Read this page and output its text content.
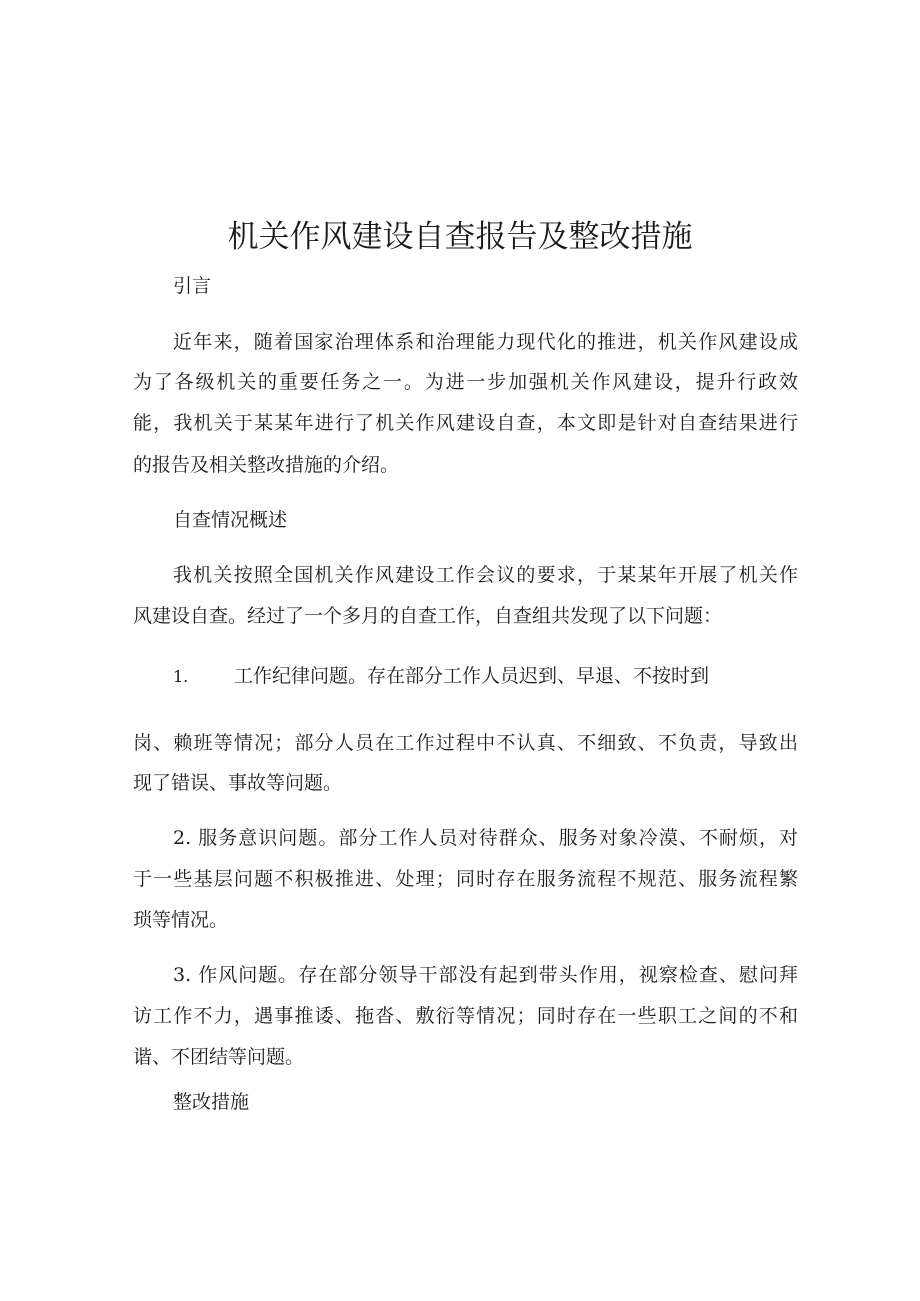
机关作风建设自查报告及整改措施

引言

近年来，随着国家治理体系和治理能力现代化的推进，机关作风建设成

为了各级机关的重要任务之一。为进一步加强机关作风建设，提升行政效

能，我机关于某某年进行了机关作风建设自查，本文即是针对自查结果进行

的报告及相关整改措施的介绍。

自查情况概述

我机关按照全国机关作风建设工作会议的要求，于某某年开展了机关作

风建设自查。经过了一个多月的自查工作，自查组共发现了以下问题：

1. 工作纪律问题。存在部分工作人员迟到、早退、不按时到

岗、赖班等情况；部分人员在工作过程中不认真、不细致、不负责，导致出

现了错误、事故等问题。

2. 服务意识问题。部分工作人员对待群众、服务对象冷漠、不耐烦，对

于一些基层问题不积极推进、处理；同时存在服务流程不规范、服务流程繁

琐等情况。

3. 作风问题。存在部分领导干部没有起到带头作用，视察检查、慰问拜

访工作不力，遇事推诿、拖沓、敷衍等情况；同时存在一些职工之间的不和

谐、不团结等问题。

整改措施
